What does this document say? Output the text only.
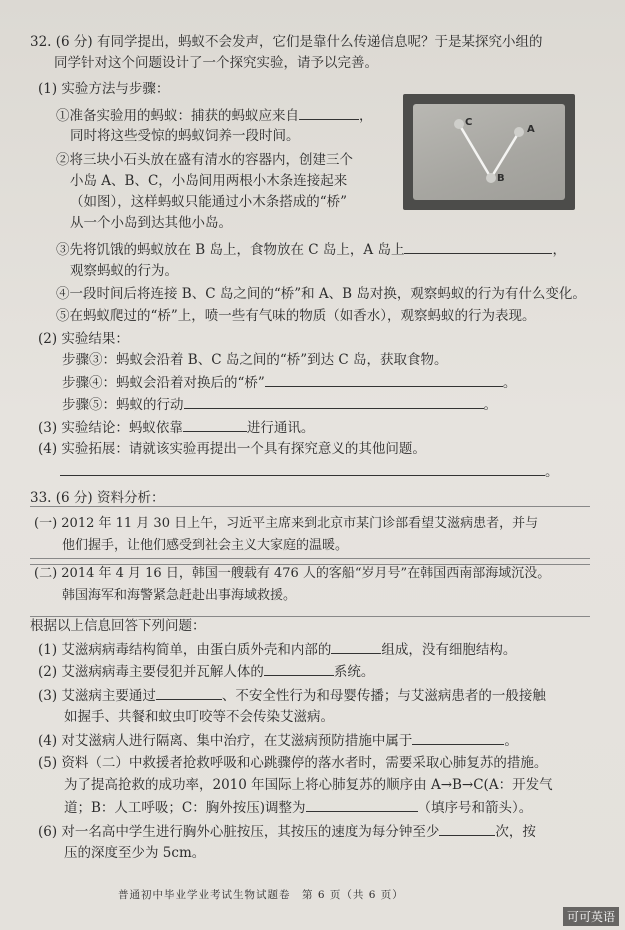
32. (6 分) 有同学提出，蚂蚁不会发声，它们是靠什么传递信息呢？于是某探究小组的
同学针对这个问题设计了一个探究实验，请予以完善。
(1) 实验方法与步骤：
①准备实验用的蚂蚁：捕获的蚂蚁应来自	，
同时将这些受惊的蚂蚁饲养一段时间。
②将三块小石头放在盛有清水的容器内，创建三个
小岛 A、B、C，小岛间用两根小木条连接起来
（如图），这样蚂蚁只能通过小木条搭成的“桥”
从一个小岛到达其他小岛。
C
A
B
③先将饥饿的蚂蚁放在 B 岛上，食物放在 C 岛上，A 岛上	，
观察蚂蚁的行为。
④一段时间后将连接 B、C 岛之间的“桥”和 A、B 岛对换，观察蚂蚁的行为有什么变化。
⑤在蚂蚁爬过的“桥”上，喷一些有气味的物质（如香水），观察蚂蚁的行为表现。
(2) 实验结果：
步骤③：蚂蚁会沿着 B、C 岛之间的“桥”到达 C 岛，获取食物。
步骤④：蚂蚁会沿着对换后的“桥”	。
步骤⑤：蚂蚁的行动	。
(3) 实验结论：蚂蚁依靠	进行通讯。
(4) 实验拓展：请就该实验再提出一个具有探究意义的其他问题。
。
33. (6 分) 资料分析：
(一) 2012 年 11 月 30 日上午，习近平主席来到北京市某门诊部看望艾滋病患者，并与
他们握手，让他们感受到社会主义大家庭的温暖。
(二) 2014 年 4 月 16 日，韩国一艘载有 476 人的客船“岁月号”在韩国西南部海域沉没。
韩国海军和海警紧急赶赴出事海域救援。
根据以上信息回答下列问题：
(1) 艾滋病病毒结构简单，由蛋白质外壳和内部的	组成，没有细胞结构。
(2) 艾滋病病毒主要侵犯并瓦解人体的	系统。
(3) 艾滋病主要通过	、不安全性行为和母婴传播；与艾滋病患者的一般接触
如握手、共餐和蚊虫叮咬等不会传染艾滋病。
(4) 对艾滋病人进行隔离、集中治疗，在艾滋病预防措施中属于	。
(5) 资料（二）中救援者抢救呼吸和心跳骤停的落水者时，需要采取心肺复苏的措施。
为了提高抢救的成功率，2010 年国际上将心肺复苏的顺序由 A→B→C(A：开发气
道；B：人工呼吸；C：胸外按压)调整为	（填序号和箭头）。
(6) 对一名高中学生进行胸外心脏按压，其按压的速度为每分钟至少	次，按
压的深度至少为 5cm。
普通初中毕业学业考试生物试题卷　第 6 页（共 6 页）
可可英语
